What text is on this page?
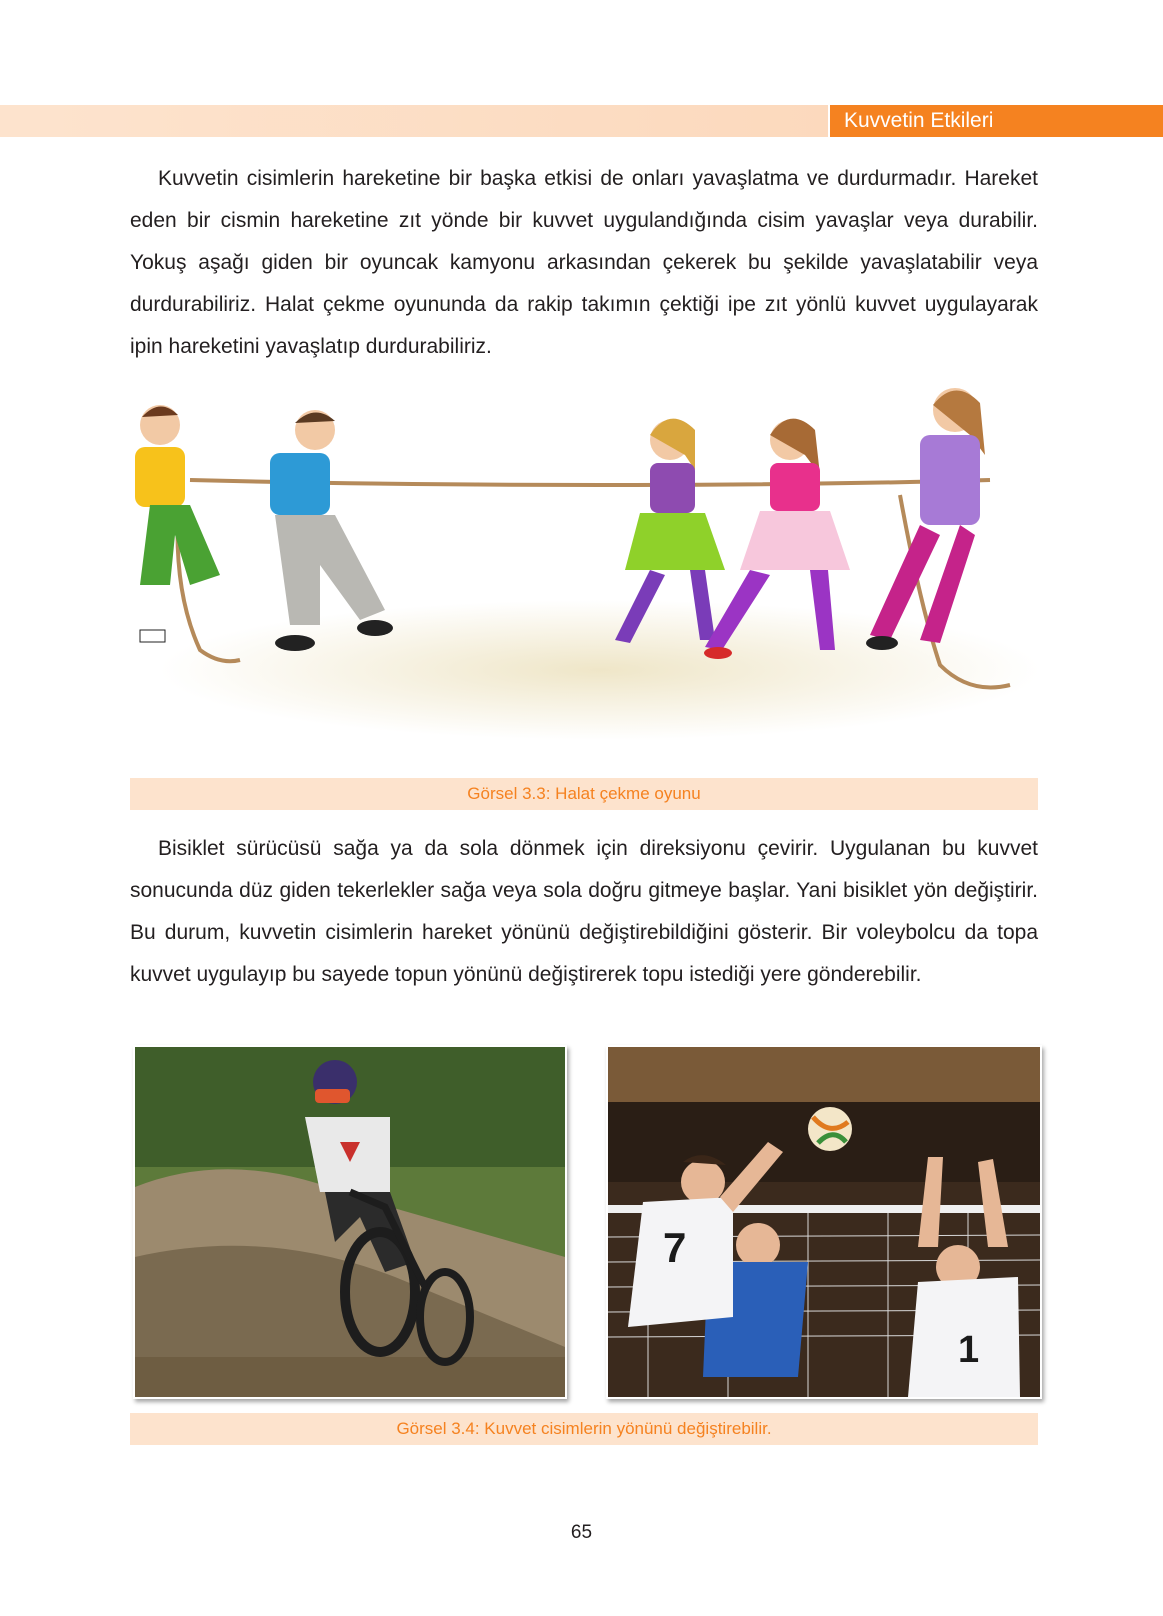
Kuvvetin Etkileri

Kuvvetin cisimlerin hareketine bir başka etkisi de onları yavaşlatma ve durdurmadır. Hareket eden bir cismin hareketine zıt yönde bir kuvvet uygulandığında cisim yavaşlar veya durabilir. Yokuş aşağı giden bir oyuncak kamyonu arkasından çekerek bu şekilde yavaşlatabilir veya durdurabiliriz. Halat çekme oyununda da rakip takımın çektiği ipe zıt yönlü kuvvet uygulayarak ipin hareketini yavaşlatıp durdurabiliriz.

Görsel 3.3: Halat çekme oyunu

Bisiklet sürücüsü sağa ya da sola dönmek için direksiyonu çevirir. Uygulanan bu kuvvet sonucunda düz giden tekerlekler sağa veya sola doğru gitmeye başlar. Yani bisiklet yön değiştirir. Bu durum, kuvvetin cisimlerin hareket yönünü değiştirebildiğini gösterir. Bir voleybolcu da topa kuvvet uygulayıp bu sayede topun yönünü değiştirerek topu istediği yere gönderebilir.

7
1
Görsel 3.4: Kuvvet cisimlerin yönünü değiştirebilir.
65
